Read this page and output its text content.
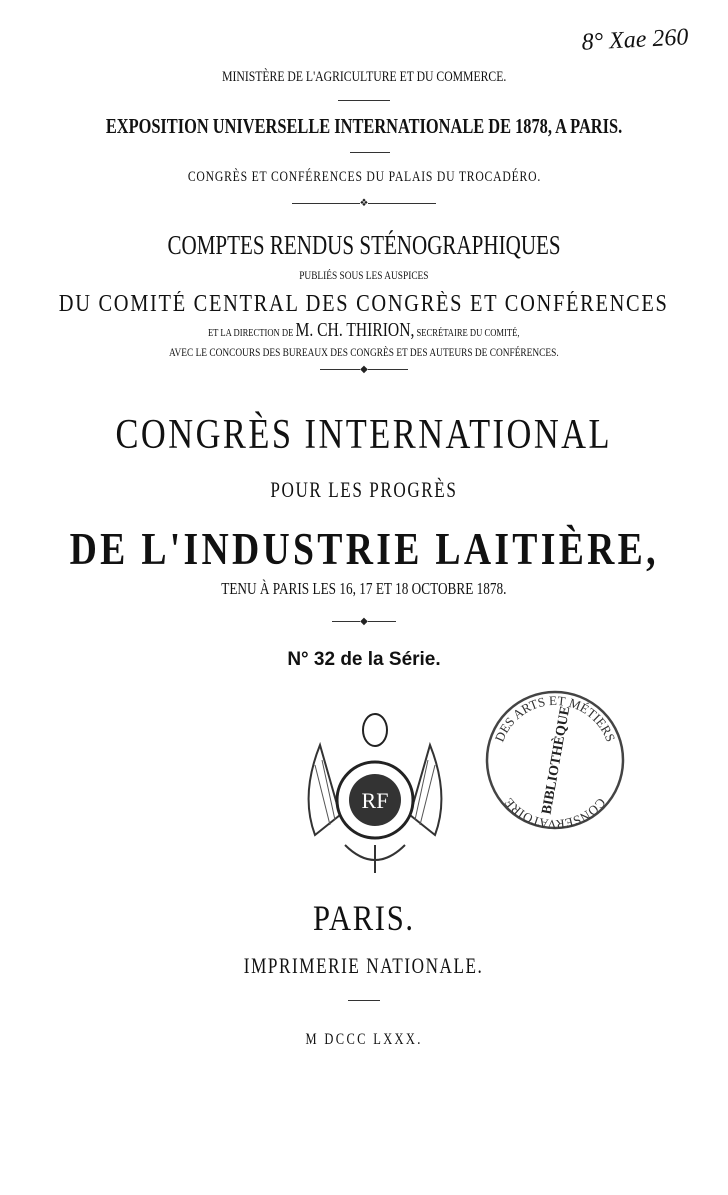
8° Xae 260
MINISTÈRE DE L'AGRICULTURE ET DU COMMERCE.
EXPOSITION UNIVERSELLE INTERNATIONALE DE 1878, A PARIS.
CONGRÈS ET CONFÉRENCES DU PALAIS DU TROCADÉRO.
❖
COMPTES RENDUS STÉNOGRAPHIQUES
PUBLIÉS SOUS LES AUSPICES
DU COMITÉ CENTRAL DES CONGRÈS ET CONFÉRENCES
ET LA DIRECTION DE M. CH. THIRION, SECRÉTAIRE DU COMITÉ,
AVEC LE CONCOURS DES BUREAUX DES CONGRÈS ET DES AUTEURS DE CONFÉRENCES.
◆
CONGRÈS INTERNATIONAL
POUR LES PROGRÈS
DE L'INDUSTRIE LAITIÈRE,
TENU À PARIS LES 16, 17 ET 18 OCTOBRE 1878.
◆
N° 32 de la Série.
RF
DES ARTS ET MÉTIERS
CONSERVATOIRE	BIBLIOTHÈQUE
PARIS.
IMPRIMERIE NATIONALE.
M DCCC LXXX.
